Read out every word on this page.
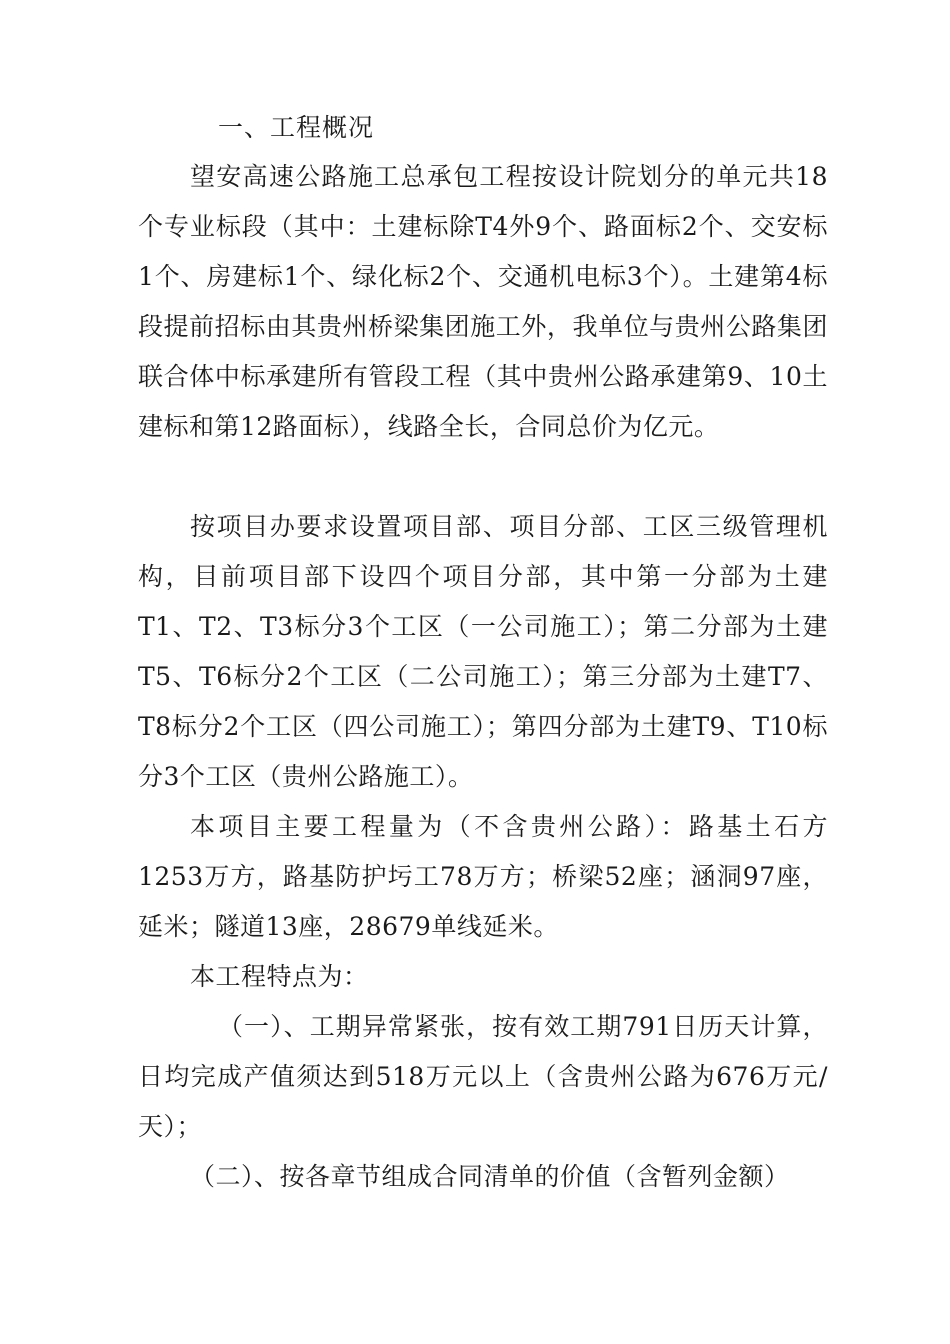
一、工程概况

望安高速公路施工总承包工程按设计院划分的单元共18个专业标段（其中：土建标除T4外9个、路面标2个、交安标1个、房建标1个、绿化标2个、交通机电标3个）。土建第4标段提前招标由其贵州桥梁集团施工外，我单位与贵州公路集团联合体中标承建所有管段工程（其中贵州公路承建第9、10土建标和第12路面标），线路全长，合同总价为亿元。

按项目办要求设置项目部、项目分部、工区三级管理机构，目前项目部下设四个项目分部，其中第一分部为土建T1、T2、T3标分3个工区（一公司施工）；第二分部为土建T5、T6标分2个工区（二公司施工）；第三分部为土建T7、T8标分2个工区（四公司施工）；第四分部为土建T9、T10标分3个工区（贵州公路施工）。

本项目主要工程量为（不含贵州公路）：路基土石方1253万方，路基防护圬工78万方；桥梁52座；涵洞97座，延米；隧道13座，28679单线延米。

本工程特点为：

（一）、工期异常紧张，按有效工期791日历天计算，日均完成产值须达到518万元以上（含贵州公路为676万元/天）；

（二）、按各章节组成合同清单的价值（含暂列金额）
